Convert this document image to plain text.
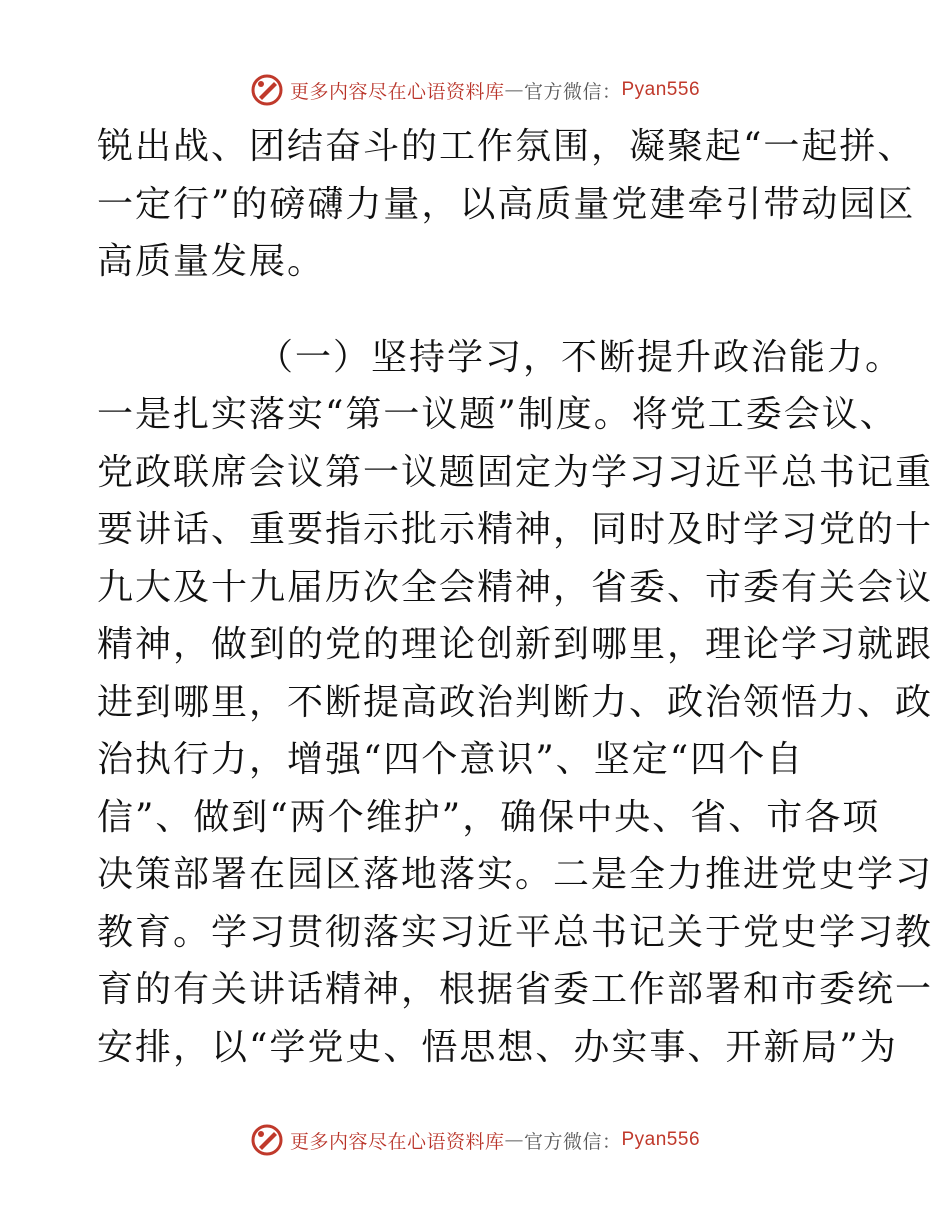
更多内容尽在心语资料库 — 官方微信： Pyan556
锐出战、团结奋斗的工作氛围，凝聚起“一起拼、
一定行”的磅礴力量，以高质量党建牵引带动园区
高质量发展。
（一）坚持学习，不断提升政治能力。
一是扎实落实“第一议题”制度。将党工委会议、
党政联席会议第一议题固定为学习习近平总书记重
要讲话、重要指示批示精神，同时及时学习党的十
九大及十九届历次全会精神，省委、市委有关会议
精神，做到的党的理论创新到哪里，理论学习就跟
进到哪里，不断提高政治判断力、政治领悟力、政
治执行力，增强“四个意识”、坚定“四个自
信”、做到“两个维护”，确保中央、省、市各项
决策部署在园区落地落实。二是全力推进党史学习
教育。学习贯彻落实习近平总书记关于党史学习教
育的有关讲话精神，根据省委工作部署和市委统一
安排，以“学党史、悟思想、办实事、开新局”为
更多内容尽在心语资料库 — 官方微信： Pyan556
